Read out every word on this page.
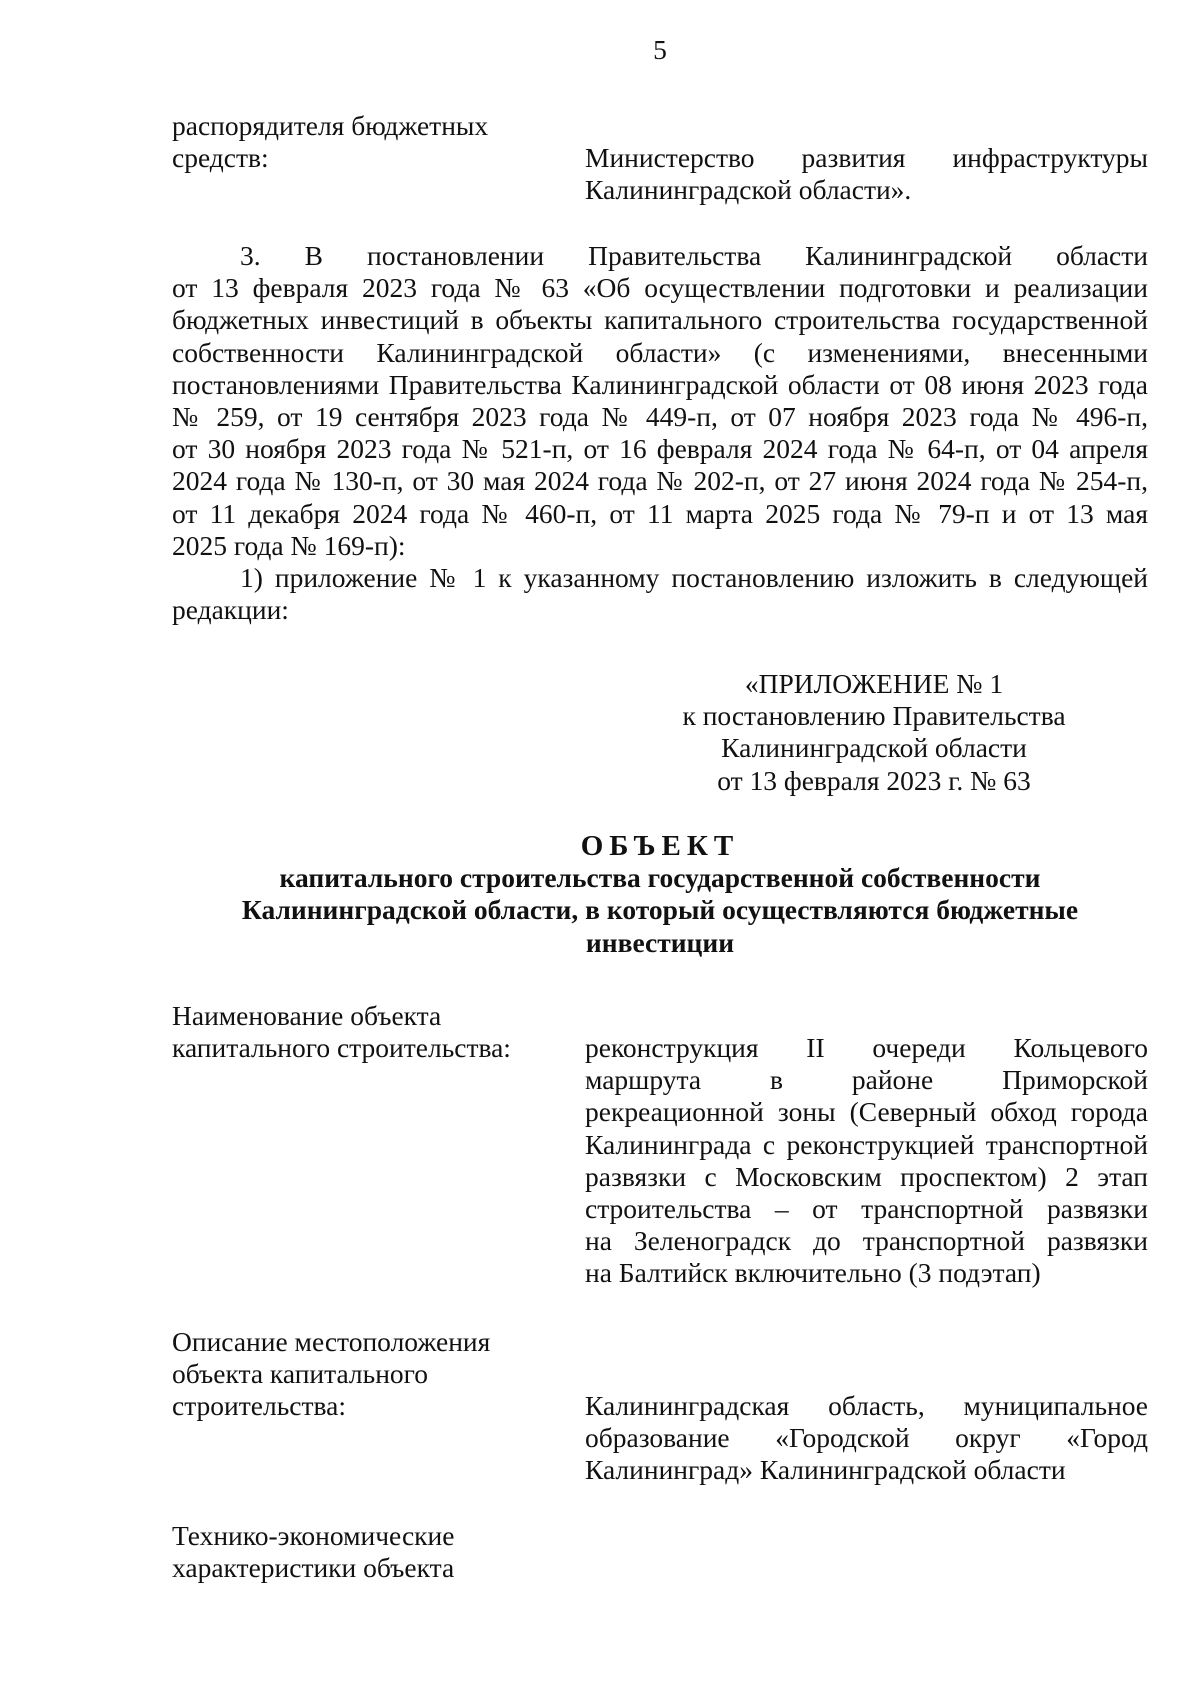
5
распорядителя бюджетных
средств:	Министерство развития инфраструктуры
Калининградской области».
3. В постановлении Правительства Калининградской области
от 13 февраля 2023 года № 63 «Об осуществлении подготовки и реализации
бюджетных инвестиций в объекты капитального строительства государственной
собственности Калининградской области» (с изменениями, внесенными
постановлениями Правительства Калининградской области от 08 июня 2023 года
№ 259, от 19 сентября 2023 года № 449-п, от 07 ноября 2023 года № 496-п,
от 30 ноября 2023 года № 521-п, от 16 февраля 2024 года № 64-п, от 04 апреля
2024 года № 130-п, от 30 мая 2024 года № 202-п, от 27 июня 2024 года № 254-п,
от 11 декабря 2024 года № 460-п, от 11 марта 2025 года № 79-п и от 13 мая
2025 года № 169-п):
1) приложение № 1 к указанному постановлению изложить в следующей
редакции:
«ПРИЛОЖЕНИЕ № 1
к постановлению Правительства
Калининградской области
от 13 февраля 2023 г. № 63
ОБЪЕКТ
капитального строительства государственной собственности
Калининградской области, в который осуществляются бюджетные
инвестиции
Наименование объекта
капитального строительства:	реконструкция II очереди Кольцевого
маршрута в районе Приморской
рекреационной зоны (Северный обход города
Калининграда с реконструкцией транспортной
развязки с Московским проспектом) 2 этап
строительства – от транспортной развязки
на Зеленоградск до транспортной развязки
на Балтийск включительно (3 подэтап)
Описание местоположения
объекта капитального
строительства:	Калининградская область, муниципальное
образование «Городской округ «Город
Калининград» Калининградской области
Технико-экономические
характеристики объекта
